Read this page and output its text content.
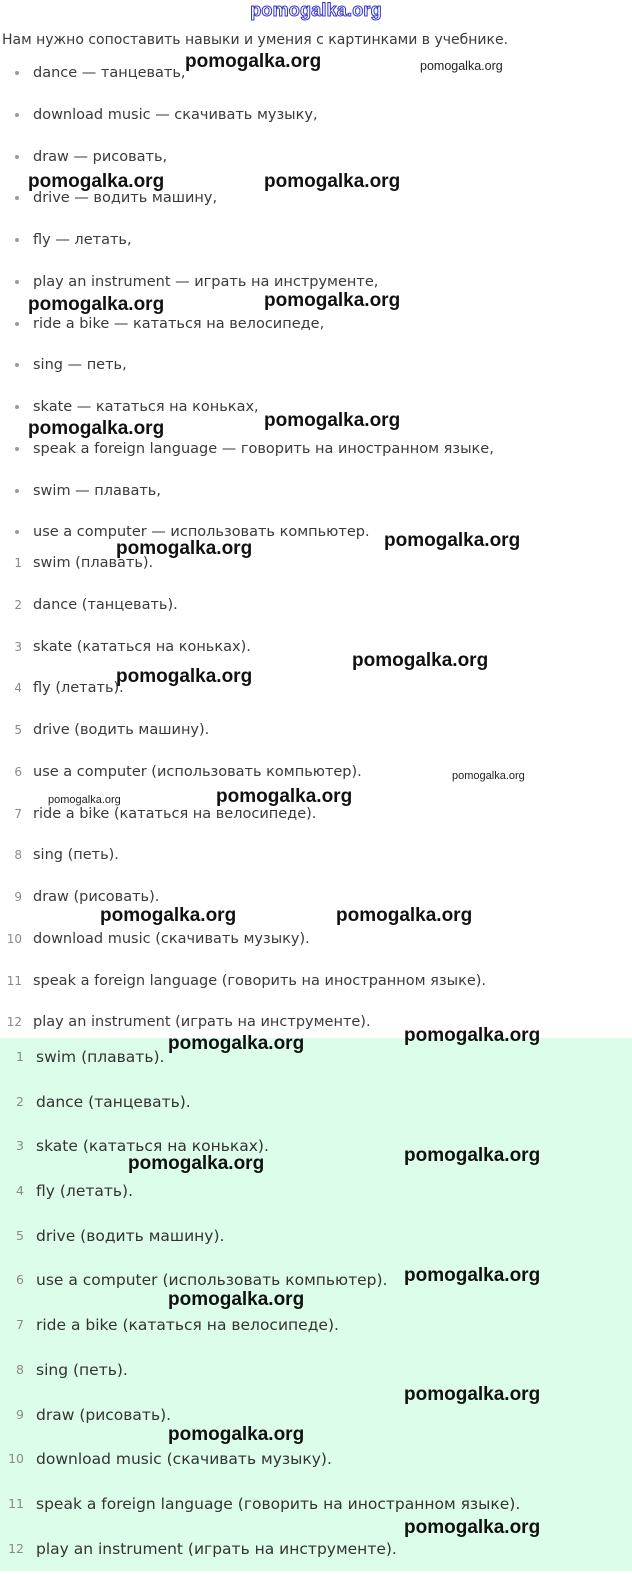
pomogalka.org
Нам нужно сопоставить навыки и умения с картинками в учебнике.
dance — танцевать,
download music — скачивать музыку,
draw — рисовать,
drive — водить машину,
fly — летать,
play an instrument — играть на инструменте,
ride a bike — кататься на велосипеде,
sing — петь,
skate — кататься на коньках,
speak a foreign language — говорить на иностранном языке,
swim — плавать,
use a computer — использовать компьютер.
1 swim (плавать).
2 dance (танцевать).
3 skate (кататься на коньках).
4 fly (летать).
5 drive (водить машину).
6 use a computer (использовать компьютер).
7 ride a bike (кататься на велосипеде).
8 sing (петь).
9 draw (рисовать).
10 download music (скачивать музыку).
11 speak a foreign language (говорить на иностранном языке).
12 play an instrument (играть на инструменте).
1 swim (плавать).
2 dance (танцевать).
3 skate (кататься на коньках).
4 fly (летать).
5 drive (водить машину).
6 use a computer (использовать компьютер).
7 ride a bike (кататься на велосипеде).
8 sing (петь).
9 draw (рисовать).
10 download music (скачивать музыку).
11 speak a foreign language (говорить на иностранном языке).
12 play an instrument (играть на инструменте).
pomogalka.org	pomogalka.org
pomogalka.org	pomogalka.org
pomogalka.org	pomogalka.org
pomogalka.org	pomogalka.org
pomogalka.org	pomogalka.org
pomogalka.org
pomogalka.org
pomogalka.org
pomogalka.org	pomogalka.org
pomogalka.org	pomogalka.org
pomogalka.org
pomogalka.org
pomogalka.org
pomogalka.org
pomogalka.org
pomogalka.org
pomogalka.org
pomogalka.org
pomogalka.org
